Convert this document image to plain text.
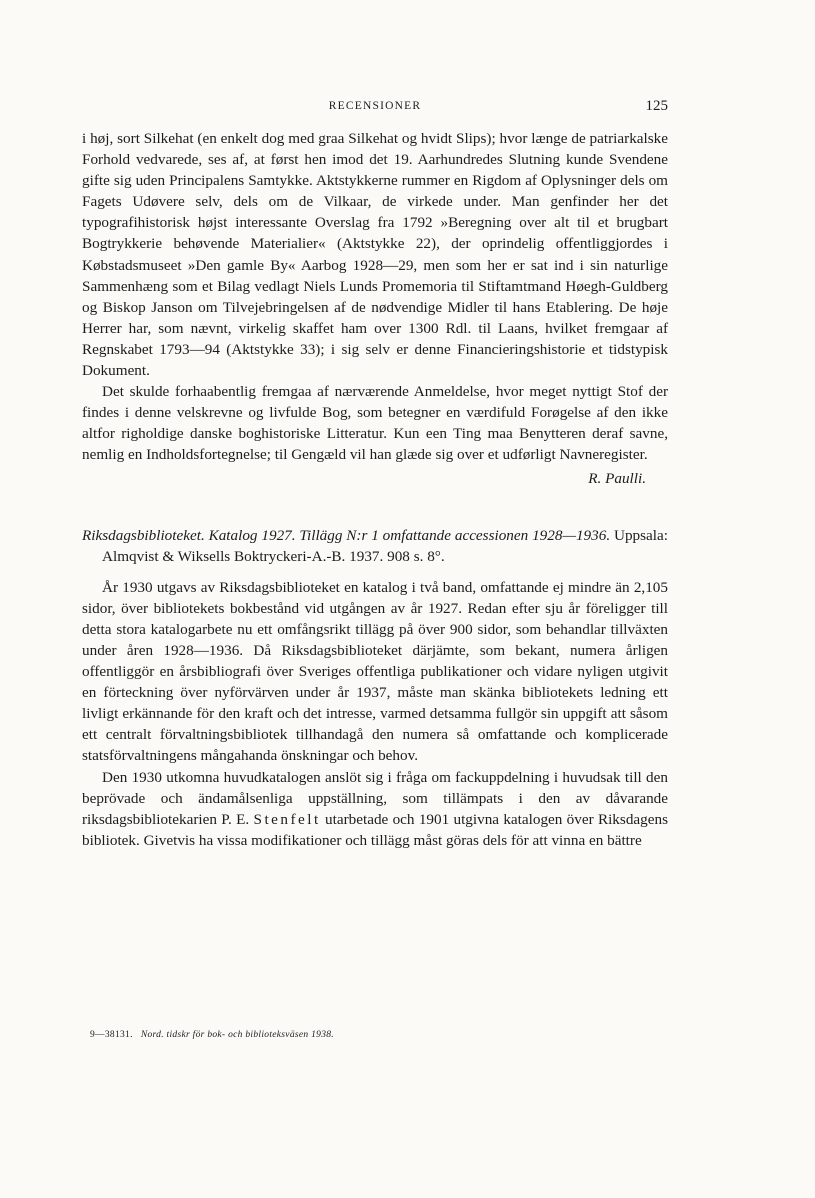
RECENSIONER	125

i høj, sort Silkehat (en enkelt dog med graa Silkehat og hvidt Slips); hvor længe de patriarkalske Forhold vedvarede, ses af, at først hen imod det 19. Aarhundredes Slutning kunde Svendene gifte sig uden Principalens Samtykke. Aktstykkerne rummer en Rigdom af Oplysninger dels om Fagets Udøvere selv, dels om de Vilkaar, de virkede under. Man genfinder her det typografihistorisk højst interessante Overslag fra 1792 »Beregning over alt til et brugbart Bogtrykkerie behøvende Materialier« (Aktstykke 22), der oprindelig offentliggjordes i Købstadsmuseet »Den gamle By« Aarbog 1928—29, men som her er sat ind i sin naturlige Sammenhæng som et Bilag vedlagt Niels Lunds Promemoria til Stiftamtmand Høegh-Guldberg og Biskop Janson om Tilvejebringelsen af de nødvendige Midler til hans Etablering. De høje Herrer har, som nævnt, virkelig skaffet ham over 1300 Rdl. til Laans, hvilket fremgaar af Regnskabet 1793—94 (Aktstykke 33); i sig selv er denne Financieringshistorie et tidstypisk Dokument.

Det skulde forhaabentlig fremgaa af nærværende Anmeldelse, hvor meget nyttigt Stof der findes i denne velskrevne og livfulde Bog, som betegner en værdifuld Forøgelse af den ikke altfor righoldige danske boghistoriske Litteratur. Kun een Ting maa Benytteren deraf savne, nemlig en Indholdsfortegnelse; til Gengæld vil han glæde sig over et udførligt Navneregister.

R. Paulli.
Riksdagsbiblioteket. Katalog 1927. Tillägg N:r 1 omfattande accessionen 1928—1936. Uppsala: Almqvist & Wiksells Boktryckeri-A.-B. 1937. 908 s. 8°.

År 1930 utgavs av Riksdagsbiblioteket en katalog i två band, omfattande ej mindre än 2,105 sidor, över bibliotekets bokbestånd vid utgången av år 1927. Redan efter sju år föreligger till detta stora katalogarbete nu ett omfångsrikt tillägg på över 900 sidor, som behandlar tillväxten under åren 1928—1936. Då Riksdagsbiblioteket därjämte, som bekant, numera årligen offentliggör en årsbibliografi över Sveriges offentliga publikationer och vidare nyligen utgivit en förteckning över nyförvärven under år 1937, måste man skänka bibliotekets ledning ett livligt erkännande för den kraft och det intresse, varmed detsamma fullgör sin uppgift att såsom ett centralt förvaltningsbibliotek tillhandagå den numera så omfattande och komplicerade statsförvaltningens mångahanda önskningar och behov.

Den 1930 utkomna huvudkatalogen anslöt sig i fråga om fackuppdelning i huvudsak till den beprövade och ändamålsenliga uppställning, som tillämpats i den av dåvarande riksdagsbibliotekarien P. E. Stenfelt utarbetade och 1901 utgivna katalogen över Riksdagens bibliotek. Givetvis ha vissa modifikationer och tillägg måst göras dels för att vinna en bättre

9—38131. Nord. tidskr för bok- och biblioteksväsen 1938.
